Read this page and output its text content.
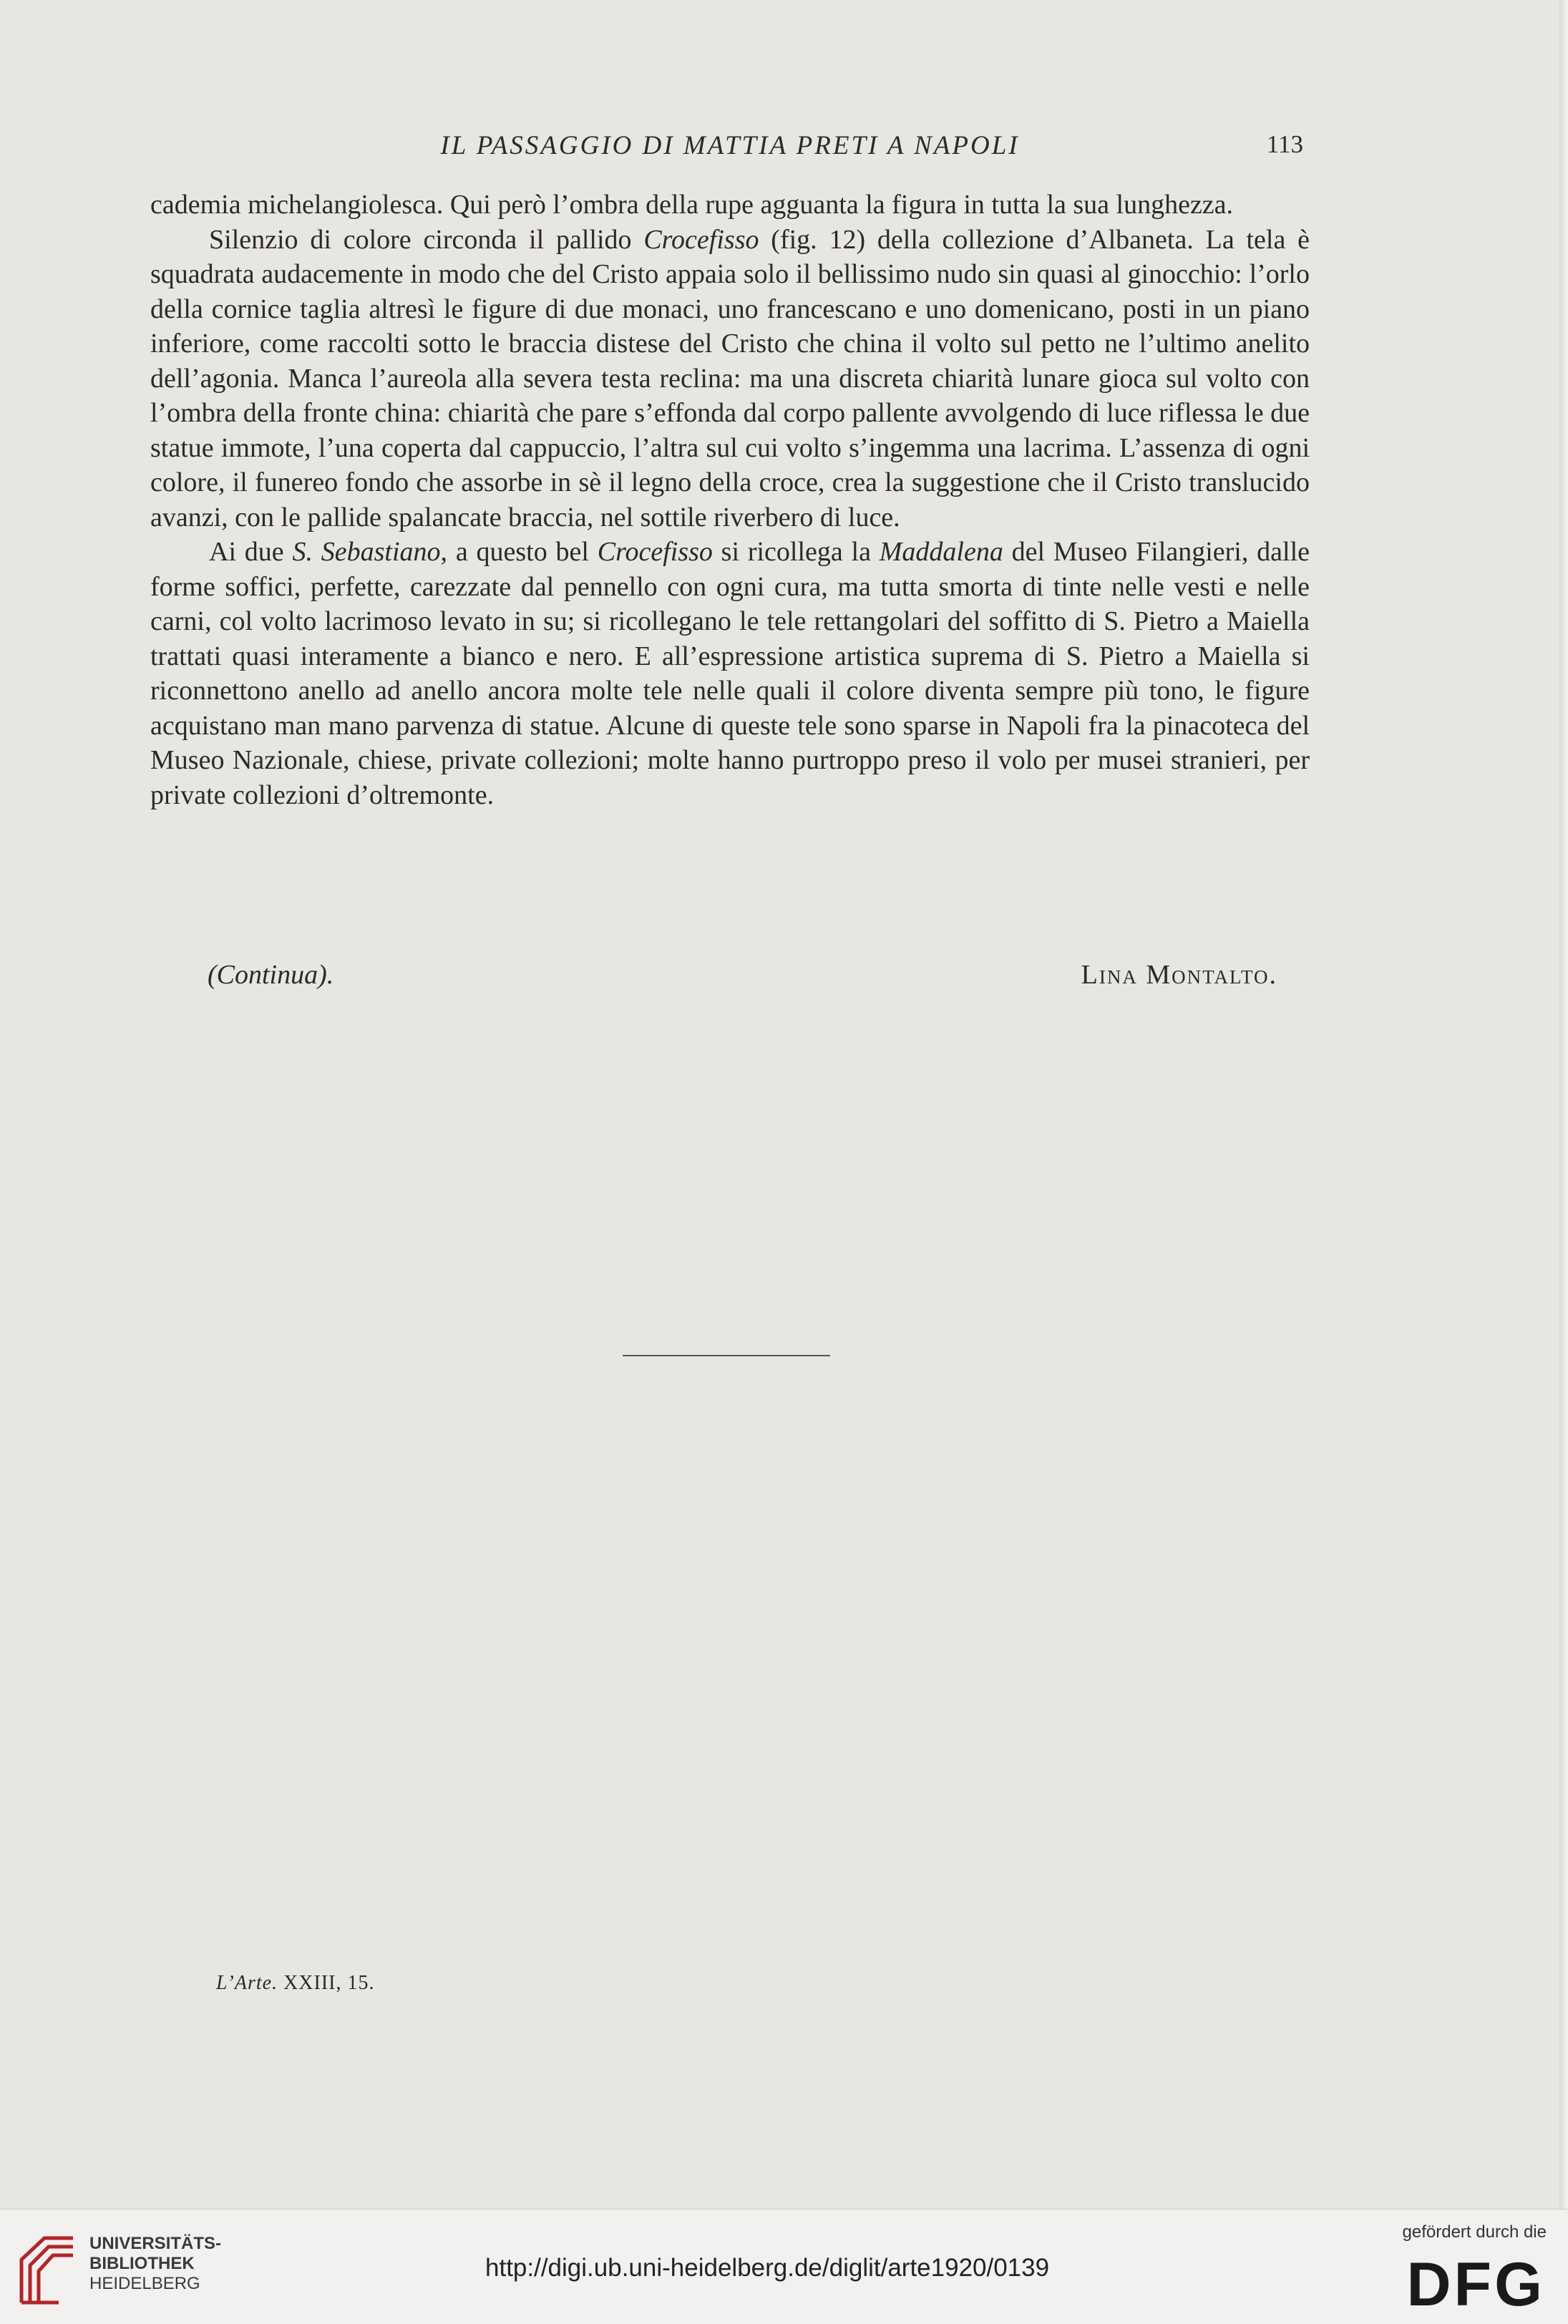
IL PASSAGGIO DI MATTIA PRETI A NAPOLI	113

cademia michelangiolesca. Qui però l’ombra della rupe agguanta la figura in tutta la sua lunghezza.

Silenzio di colore circonda il pallido Crocefisso (fig. 12) della collezione d’Albaneta. La tela è squadrata audacemente in modo che del Cristo appaia solo il bellissimo nudo sin quasi al ginocchio: l’orlo della cornice taglia altresì le figure di due monaci, uno francescano e uno domenicano, posti in un piano inferiore, come raccolti sotto le braccia distese del Cristo che china il volto sul petto ne l’ultimo anelito dell’agonia. Manca l’aureola alla severa testa reclina: ma una discreta chiarità lunare gioca sul volto con l’ombra della fronte china: chiarità che pare s’effonda dal corpo pallente avvolgendo di luce riflessa le due statue immote, l’una coperta dal cappuccio, l’altra sul cui volto s’ingemma una lacrima. L’assenza di ogni colore, il funereo fondo che assorbe in sè il legno della croce, crea la suggestione che il Cristo translucido avanzi, con le pallide spalancate braccia, nel sottile riverbero di luce.

Ai due S. Sebastiano, a questo bel Crocefisso si ricollega la Maddalena del Museo Filangieri, dalle forme soffici, perfette, carezzate dal pennello con ogni cura, ma tutta smorta di tinte nelle vesti e nelle carni, col volto lacrimoso levato in su; si ricollegano le tele rettangolari del soffitto di S. Pietro a Maiella trattati quasi interamente a bianco e nero. E all’espressione artistica suprema di S. Pietro a Maiella si riconnettono anello ad anello ancora molte tele nelle quali il colore diventa sempre più tono, le figure acquistano man mano parvenza di statue. Alcune di queste tele sono sparse in Napoli fra la pinacoteca del Museo Nazionale, chiese, private collezioni; molte hanno purtroppo preso il volo per musei stranieri, per private collezioni d’oltremonte.

(Continua).	Lina Montalto.
L’Arte. XXIII, 15.
UNIVERSITÄTS-
BIBLIOTHEK
HEIDELBERG
http://digi.ub.uni-heidelberg.de/diglit/arte1920/0139
gefördert durch die
DFG
